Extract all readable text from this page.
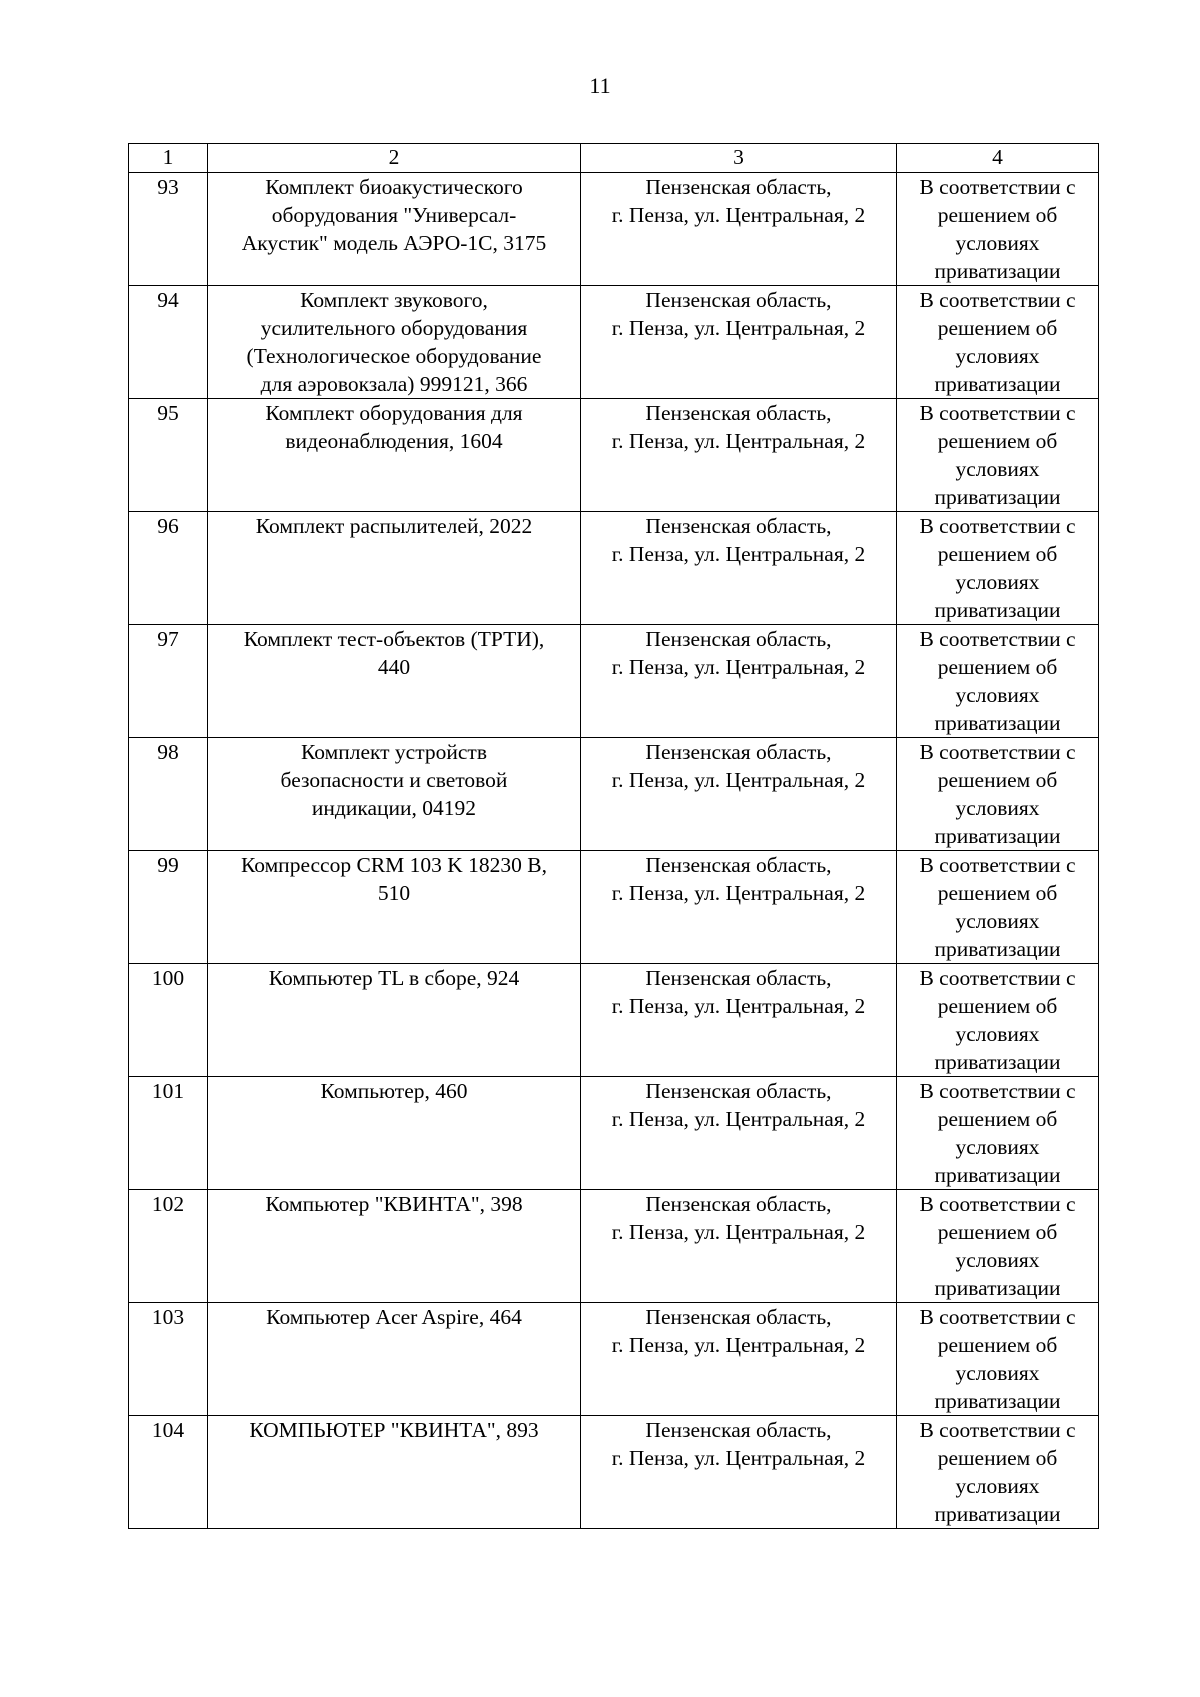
11
1	2	3	4

93	Комплект биоакустического
оборудования "Универсал-
Акустик" модель АЭРО-1С, 3175	Пензенская область,
г. Пенза, ул. Центральная, 2	В соответствии с
решением об
условиях
приватизации

94	Комплект звукового,
усилительного оборудования
(Технологическое оборудование
для аэровокзала) 999121, 366	Пензенская область,
г. Пенза, ул. Центральная, 2	В соответствии с
решением об
условиях
приватизации

95	Комплект оборудования для
видеонаблюдения, 1604	Пензенская область,
г. Пенза, ул. Центральная, 2	В соответствии с
решением об
условиях
приватизации

96	Комплект распылителей, 2022	Пензенская область,
г. Пенза, ул. Центральная, 2	В соответствии с
решением об
условиях
приватизации

97	Комплект тест-объектов (ТРТИ),
440	Пензенская область,
г. Пенза, ул. Центральная, 2	В соответствии с
решением об
условиях
приватизации

98	Комплект устройств
безопасности и световой
индикации, 04192	Пензенская область,
г. Пенза, ул. Центральная, 2	В соответствии с
решением об
условиях
приватизации

99	Компрессор CRM 103 K 18230 B,
510	Пензенская область,
г. Пенза, ул. Центральная, 2	В соответствии с
решением об
условиях
приватизации

100	Компьютер TL в сборе, 924	Пензенская область,
г. Пенза, ул. Центральная, 2	В соответствии с
решением об
условиях
приватизации

101	Компьютер, 460	Пензенская область,
г. Пенза, ул. Центральная, 2	В соответствии с
решением об
условиях
приватизации

102	Компьютер "КВИНТА", 398	Пензенская область,
г. Пенза, ул. Центральная, 2	В соответствии с
решением об
условиях
приватизации

103	Компьютер Acer Aspire, 464	Пензенская область,
г. Пенза, ул. Центральная, 2	В соответствии с
решением об
условиях
приватизации

104	КОМПЬЮТЕР "КВИНТА", 893	Пензенская область,
г. Пенза, ул. Центральная, 2	В соответствии с
решением об
условиях
приватизации
